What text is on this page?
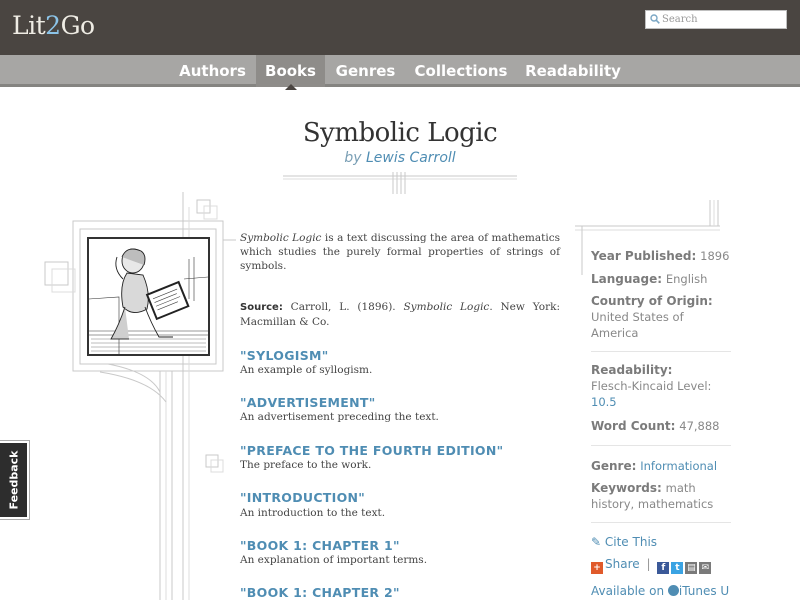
Lit2Go
Search
Authors	Books	Genres	Collections	Readability
Symbolic Logic
by Lewis Carroll

Symbolic Logic is a text discussing the area of mathematics which studies the purely formal properties of strings of symbols.

Source: Carroll, L. (1896). Symbolic Logic. New York: Macmillan & Co.

"SYLOGISM"
An example of syllogism.
"ADVERTISEMENT"
An advertisement preceding the text.
"PREFACE TO THE FOURTH EDITION"
The preface to the work.
"INTRODUCTION"
An introduction to the text.
"BOOK 1: CHAPTER 1"
An explanation of important terms.
"BOOK 1: CHAPTER 2"
Year Published: 1896
Language: English
Country of Origin:
United States of America
Readability:
Flesch-Kincaid Level:
10.5
Word Count: 47,888
Genre: Informational
Keywords: math history, mathematics
✎ Cite This
+ Share | f t ▤ ✉
Available on iTunes U
Feedback
